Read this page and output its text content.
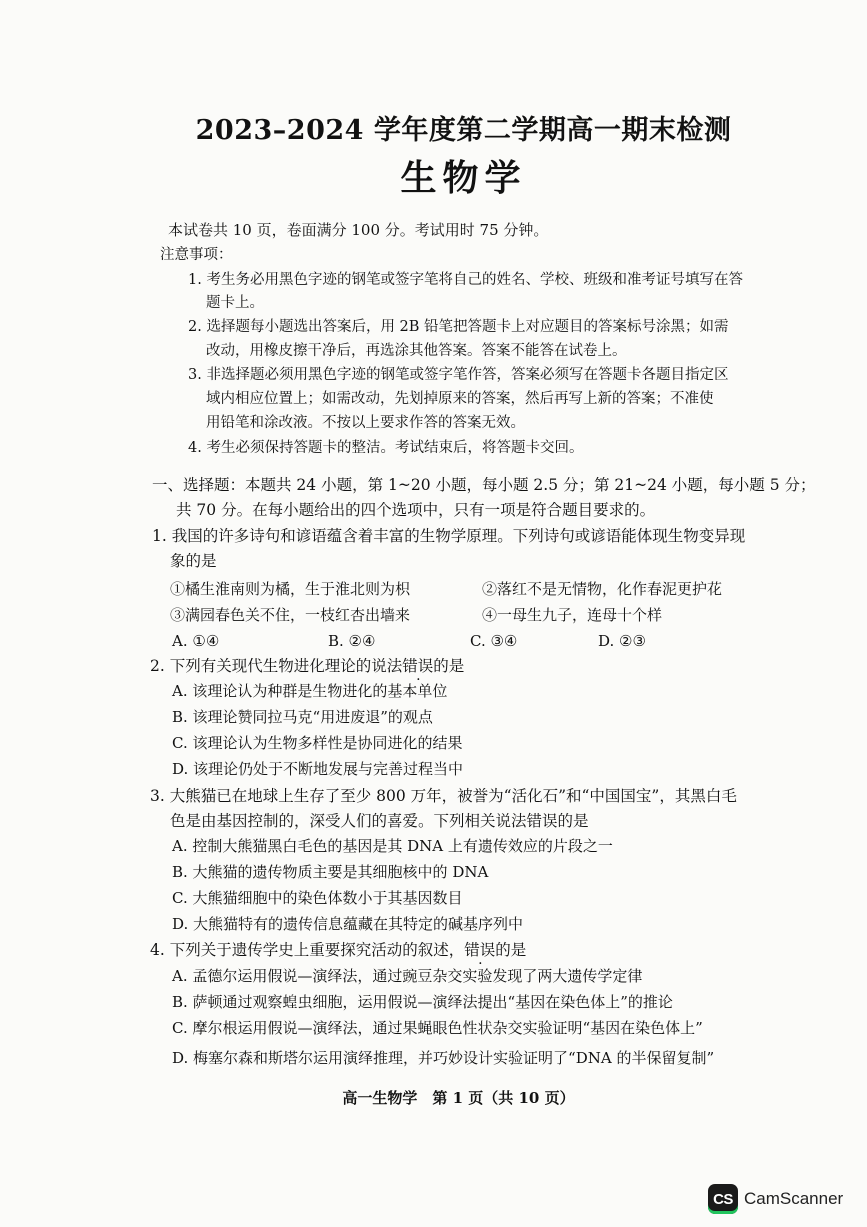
2023–2024 学年度第二学期高一期末检测
生物学
本试卷共 10 页，卷面满分 100 分。考试用时 75 分钟。
注意事项：
1. 考生务必用黑色字迹的钢笔或签字笔将自己的姓名、学校、班级和准考证号填写在答
题卡上。
2. 选择题每小题选出答案后，用 2B 铅笔把答题卡上对应题目的答案标号涂黑；如需
改动，用橡皮擦干净后，再选涂其他答案。答案不能答在试卷上。
3. 非选择题必须用黑色字迹的钢笔或签字笔作答，答案必须写在答题卡各题目指定区
域内相应位置上；如需改动，先划掉原来的答案，然后再写上新的答案；不准使
用铅笔和涂改液。不按以上要求作答的答案无效。
4. 考生必须保持答题卡的整洁。考试结束后，将答题卡交回。
一、选择题：本题共 24 小题，第 1~20 小题，每小题 2.5 分；第 21~24 小题，每小题 5 分；
共 70 分。在每小题给出的四个选项中，只有一项是符合题目要求的。
1. 我国的许多诗句和谚语蕴含着丰富的生物学原理。下列诗句或谚语能体现生物变异现
象的是
①橘生淮南则为橘，生于淮北则为枳	②落红不是无情物，化作春泥更护花
③满园春色关不住，一枝红杏出墙来	④一母生九子，连母十个样
A. ①④	B. ②④	C. ③④	D. ②③
2. 下列有关现代生物进化理论的说法错误的是
A. 该理论认为种群是生物进化的基本单位
B. 该理论赞同拉马克“用进废退”的观点
C. 该理论认为生物多样性是协同进化的结果
D. 该理论仍处于不断地发展与完善过程当中
3. 大熊猫已在地球上生存了至少 800 万年，被誉为“活化石”和“中国国宝”，其黑白毛
色是由基因控制的，深受人们的喜爱。下列相关说法错误的是
A. 控制大熊猫黑白毛色的基因是其 DNA 上有遗传效应的片段之一
B. 大熊猫的遗传物质主要是其细胞核中的 DNA
C. 大熊猫细胞中的染色体数小于其基因数目
D. 大熊猫特有的遗传信息蕴藏在其特定的碱基序列中
4. 下列关于遗传学史上重要探究活动的叙述，错误的是
A. 孟德尔运用假说—演绎法，通过豌豆杂交实验发现了两大遗传学定律
B. 萨顿通过观察蝗虫细胞，运用假说—演绎法提出“基因在染色体上”的推论
C. 摩尔根运用假说—演绎法，通过果蝇眼色性状杂交实验证明“基因在染色体上”
D. 梅塞尔森和斯塔尔运用演绎推理，并巧妙设计实验证明了“DNA 的半保留复制”
高一生物学　第 1 页（共 10 页）
CS CamScanner
